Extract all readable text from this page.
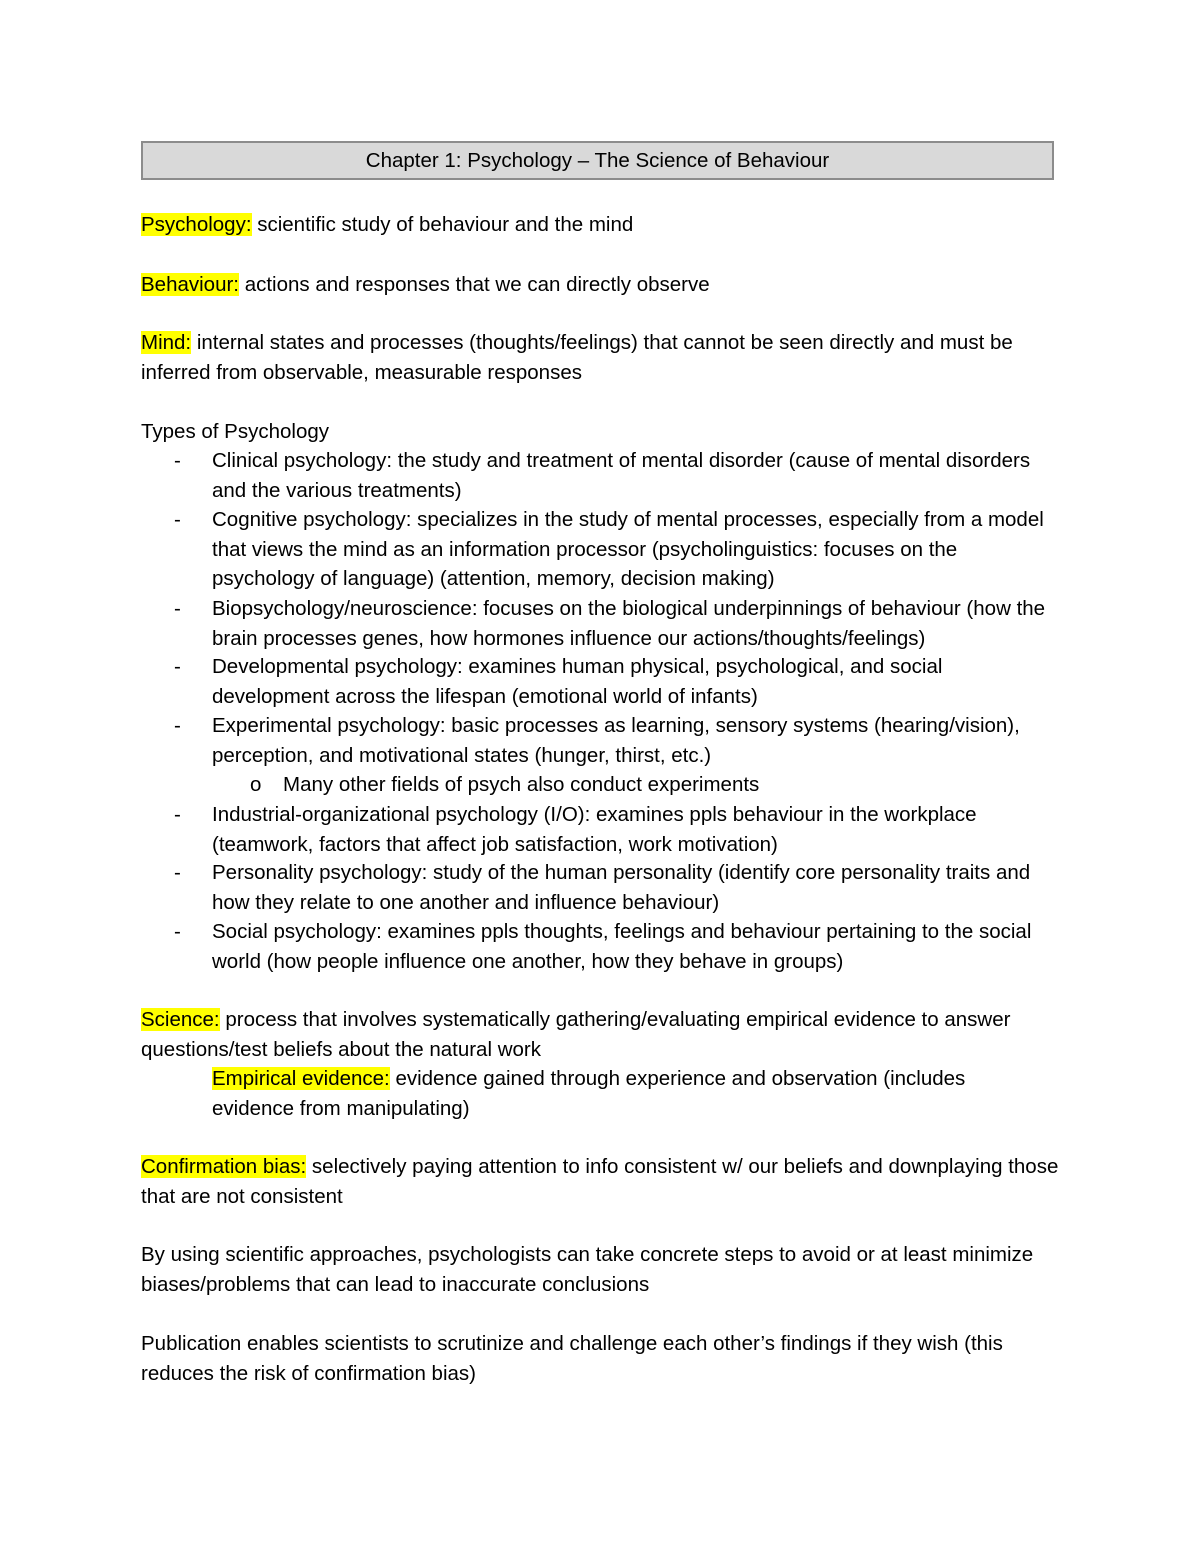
Chapter 1: Psychology – The Science of Behaviour
Psychology: scientific study of behaviour and the mind
Behaviour: actions and responses that we can directly observe
Mind: internal states and processes (thoughts/feelings) that cannot be seen directly and must be inferred from observable, measurable responses
Types of Psychology
- Clinical psychology: the study and treatment of mental disorder (cause of mental disorders and the various treatments)
- Cognitive psychology: specializes in the study of mental processes, especially from a model that views the mind as an information processor (psycholinguistics: focuses on the psychology of language) (attention, memory, decision making)
- Biopsychology/neuroscience: focuses on the biological underpinnings of behaviour (how the brain processes genes, how hormones influence our actions/thoughts/feelings)
- Developmental psychology: examines human physical, psychological, and social development across the lifespan (emotional world of infants)
- Experimental psychology: basic processes as learning, sensory systems (hearing/vision), perception, and motivational states (hunger, thirst, etc.)
o Many other fields of psych also conduct experiments
- Industrial-organizational psychology (I/O): examines ppls behaviour in the workplace (teamwork, factors that affect job satisfaction, work motivation)
- Personality psychology: study of the human personality (identify core personality traits and how they relate to one another and influence behaviour)
- Social psychology: examines ppls thoughts, feelings and behaviour pertaining to the social world (how people influence one another, how they behave in groups)
Science: process that involves systematically gathering/evaluating empirical evidence to answer questions/test beliefs about the natural work
Empirical evidence: evidence gained through experience and observation (includes evidence from manipulating)
Confirmation bias: selectively paying attention to info consistent w/ our beliefs and downplaying those that are not consistent
By using scientific approaches, psychologists can take concrete steps to avoid or at least minimize biases/problems that can lead to inaccurate conclusions
Publication enables scientists to scrutinize and challenge each other’s findings if they wish (this reduces the risk of confirmation bias)
